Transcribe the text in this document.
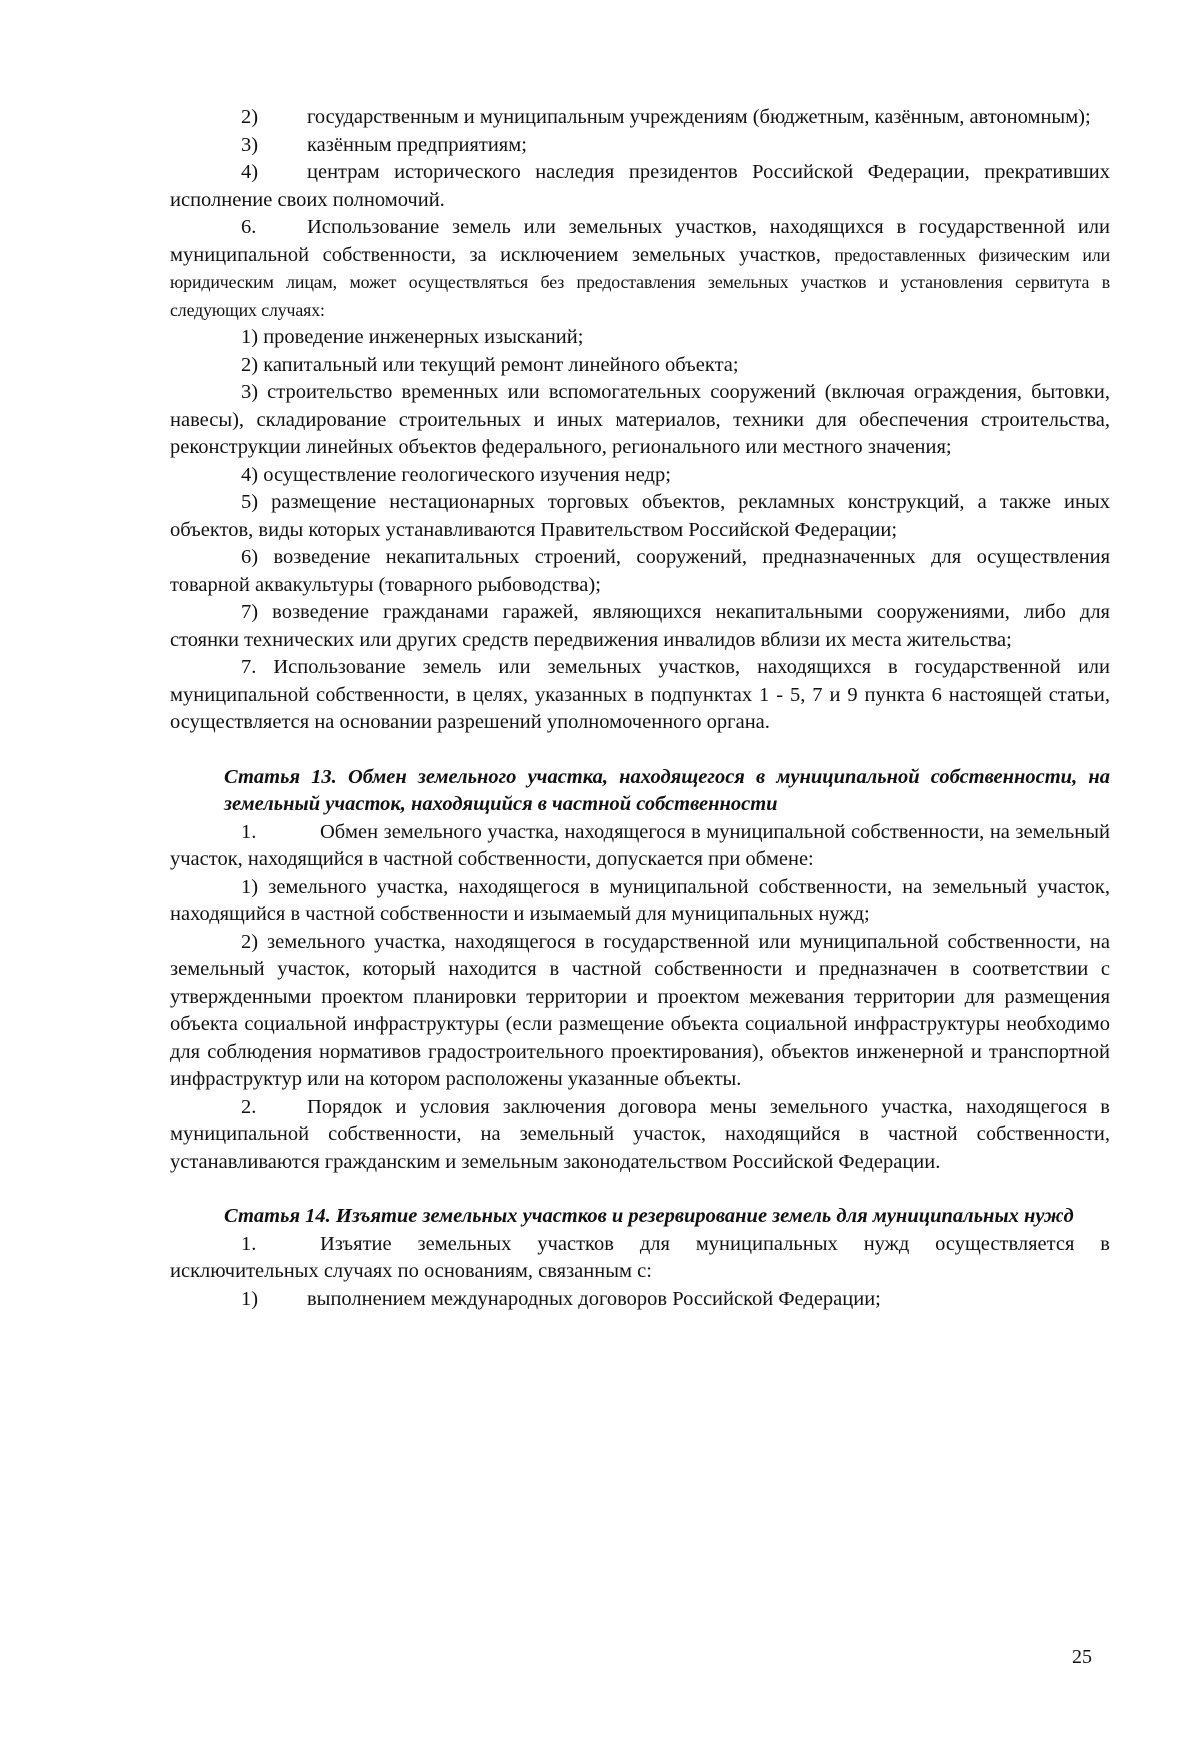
2) государственным и муниципальным учреждениям (бюджетным, казённым, автономным);

3) казённым предприятиям;

4) центрам исторического наследия президентов Российской Федерации, прекративших исполнение своих полномочий.

6. Использование земель или земельных участков, находящихся в государственной или муниципальной собственности, за исключением земельных участков, предоставленных физическим или юридическим лицам, может осуществляться без предоставления земельных участков и установления сервитута в следующих случаях:

1) проведение инженерных изысканий;

2) капитальный или текущий ремонт линейного объекта;

3) строительство временных или вспомогательных сооружений (включая ограждения, бытовки, навесы), складирование строительных и иных материалов, техники для обеспечения строительства, реконструкции линейных объектов федерального, регионального или местного значения;

4) осуществление геологического изучения недр;

5) размещение нестационарных торговых объектов, рекламных конструкций, а также иных объектов, виды которых устанавливаются Правительством Российской Федерации;

6) возведение некапитальных строений, сооружений, предназначенных для осуществления товарной аквакультуры (товарного рыбоводства);

7) возведение гражданами гаражей, являющихся некапитальными сооружениями, либо для стоянки технических или других средств передвижения инвалидов вблизи их места жительства;

7. Использование земель или земельных участков, находящихся в государственной или муниципальной собственности, в целях, указанных в подпунктах 1 - 5, 7 и 9 пункта 6 настоящей статьи, осуществляется на основании разрешений уполномоченного органа.

Статья 13. Обмен земельного участка, находящегося в муниципальной собственности, на земельный участок, находящийся в частной собственности

1.	Обмен земельного участка, находящегося в муниципальной собственности, на земельный участок, находящийся в частной собственности, допускается при обмене:

1) земельного участка, находящегося в муниципальной собственности, на земельный участок, находящийся в частной собственности и изымаемый для муниципальных нужд;

2) земельного участка, находящегося в государственной или муниципальной собственности, на земельный участок, который находится в частной собственности и предназначен в соответствии с утвержденными проектом планировки территории и проектом межевания территории для размещения объекта социальной инфраструктуры (если размещение объекта социальной инфраструктуры необходимо для соблюдения нормативов градостроительного проектирования), объектов инженерной и транспортной инфраструктур или на котором расположены указанные объекты.

2. Порядок и условия заключения договора мены земельного участка, находящегося в муниципальной собственности, на земельный участок, находящийся в частной собственности, устанавливаются гражданским и земельным законодательством Российской Федерации.

Статья 14. Изъятие земельных участков и резервирование земель для муниципальных нужд

1.	Изъятие земельных участков для муниципальных нужд осуществляется в исключительных случаях по основаниям, связанным с:

1) выполнением международных договоров Российской Федерации;

25
